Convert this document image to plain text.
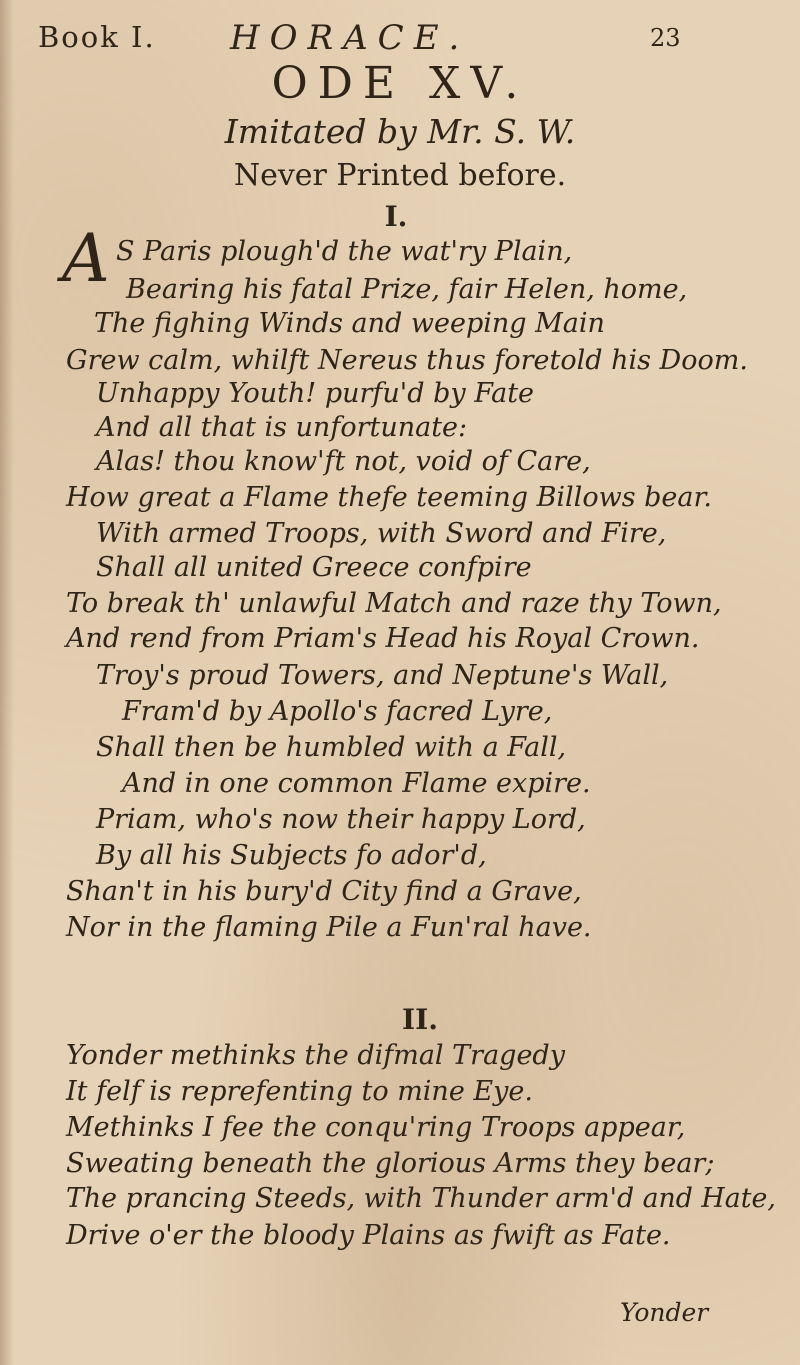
Book I. HORACE.	23
ODE XV.
Imitated by Mr. S. W.
Never Printed before.
I.
A S Paris plough'd the wat'ry Plain,
Bearing his fatal Prize, fair Helen, home,
The fighing Winds and weeping Main
Grew calm, whilft Nereus thus foretold his Doom.
Unhappy Youth! purfu'd by Fate
And all that is unfortunate:
Alas! thou know'ft not, void of Care,
How great a Flame thefe teeming Billows bear.
With armed Troops, with Sword and Fire,
Shall all united Greece confpire
To break th' unlawful Match and raze thy Town,
And rend from Priam's Head his Royal Crown.
Troy's proud Towers, and Neptune's Wall,
Fram'd by Apollo's facred Lyre,
Shall then be humbled with a Fall,
And in one common Flame expire.
Priam, who's now their happy Lord,
By all his Subjects fo ador'd,
Shan't in his bury'd City find a Grave,
Nor in the flaming Pile a Fun'ral have.
II.
Yonder methinks the difmal Tragedy
It felf is reprefenting to mine Eye.
Methinks I fee the conqu'ring Troops appear,
Sweating beneath the glorious Arms they bear;
The prancing Steeds, with Thunder arm'd and Hate,
Drive o'er the bloody Plains as fwift as Fate.
Yonder
